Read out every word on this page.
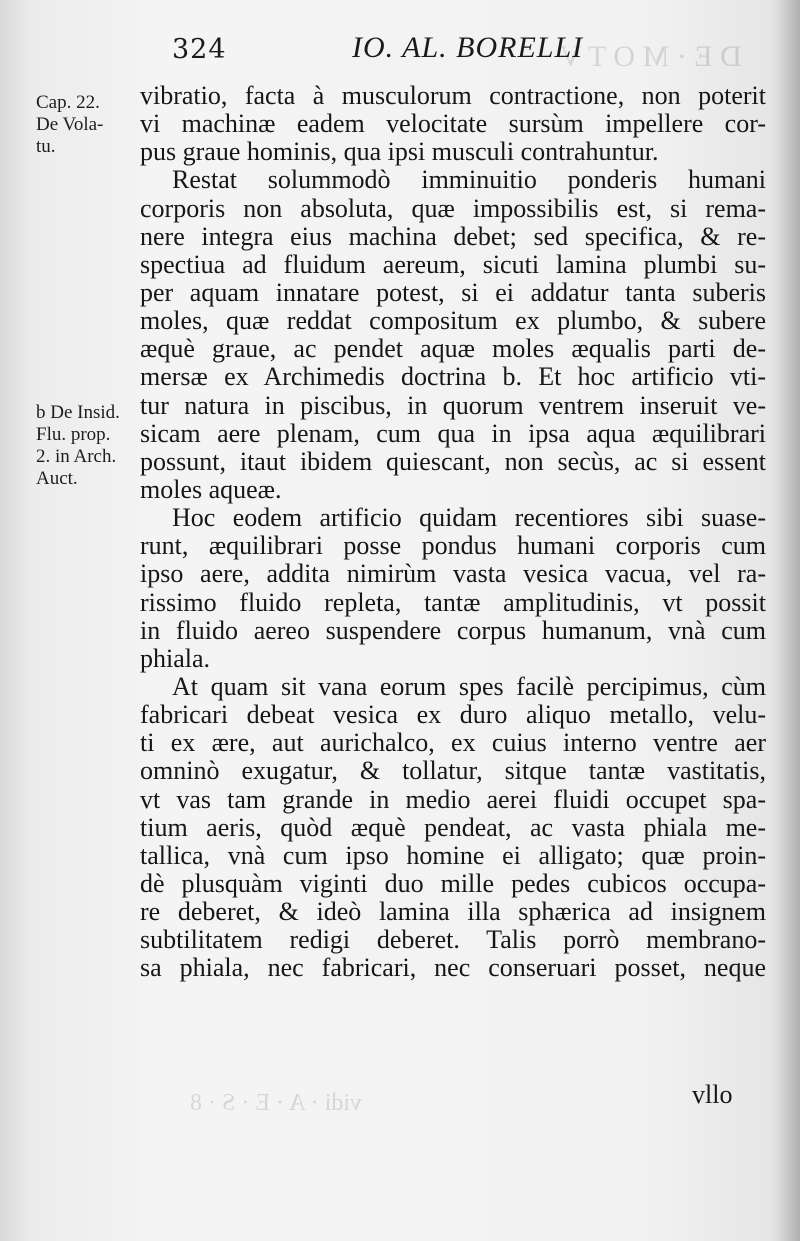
D E · M O T V
vidi · A · E · S · 8
324	IO. AL. BORELLI
Cap. 22.
De Vola-
tu.
b De Insid.
Flu. prop.
2. in Arch.
Auct.
vibratio, facta à musculorum contractione, non poterit
vi machinæ eadem velocitate sursùm impellere cor-
pus graue hominis, qua ipsi musculi contrahuntur.
Restat solummodò imminuitio ponderis humani
corporis non absoluta, quæ impossibilis est, si rema-
nere integra eius machina debet; sed specifica, & re-
spectiua ad fluidum aereum, sicuti lamina plumbi su-
per aquam innatare potest, si ei addatur tanta suberis
moles, quæ reddat compositum ex plumbo, & subere
æquè graue, ac pendet aquæ moles æqualis parti de-
mersæ ex Archimedis doctrina b. Et hoc artificio vti-
tur natura in piscibus, in quorum ventrem inseruit ve-
sicam aere plenam, cum qua in ipsa aqua æquilibrari
possunt, itaut ibidem quiescant, non secùs, ac si essent
moles aqueæ.
Hoc eodem artificio quidam recentiores sibi suase-
runt, æquilibrari posse pondus humani corporis cum
ipso aere, addita nimirùm vasta vesica vacua, vel ra-
rissimo fluido repleta, tantæ amplitudinis, vt possit
in fluido aereo suspendere corpus humanum, vnà cum
phiala.
At quam sit vana eorum spes facilè percipimus, cùm
fabricari debeat vesica ex duro aliquo metallo, velu-
ti ex ære, aut aurichalco, ex cuius interno ventre aer
omninò exugatur, & tollatur, sitque tantæ vastitatis,
vt vas tam grande in medio aerei fluidi occupet spa-
tium aeris, quòd æquè pendeat, ac vasta phiala me-
tallica, vnà cum ipso homine ei alligato; quæ proin-
dè plusquàm viginti duo mille pedes cubicos occupa-
re deberet, & ideò lamina illa sphærica ad insignem
subtilitatem redigi deberet. Talis porrò membrano-
sa phiala, nec fabricari, nec conseruari posset, neque
vllo
